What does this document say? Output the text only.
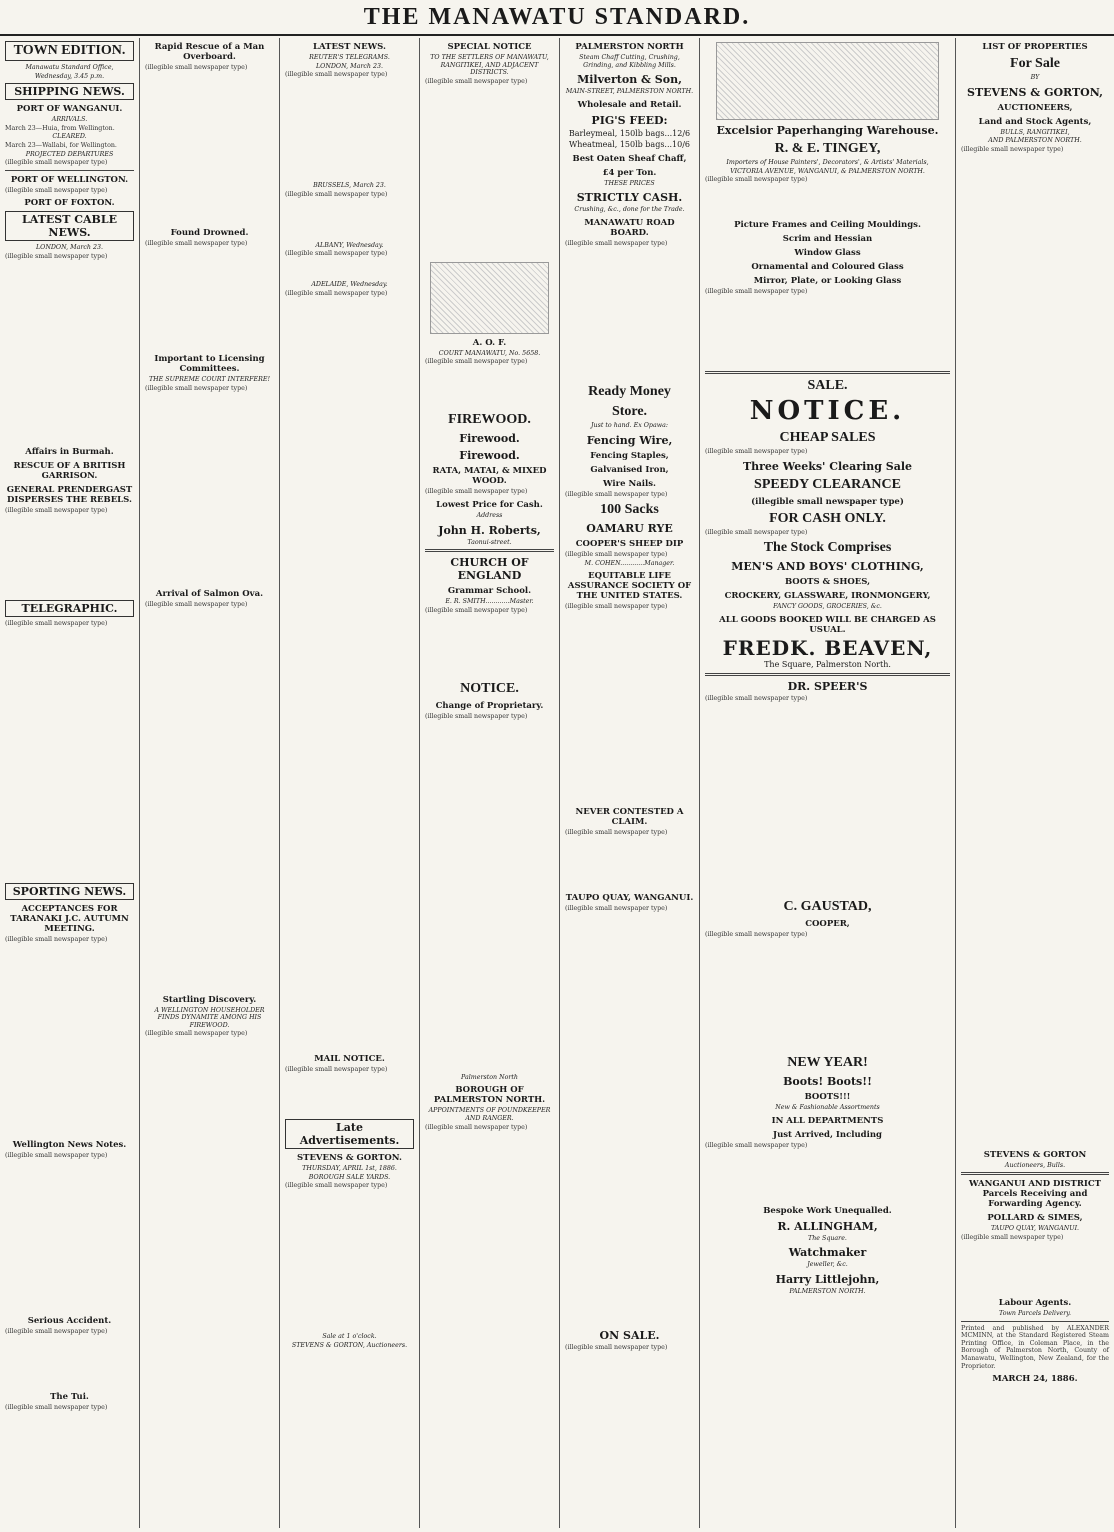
THE MANAWATU STANDARD.
TOWN EDITION.
Manawatu Standard Office,
Wednesday, 3.45 p.m.
SHIPPING NEWS.
PORT OF WANGANUI.
ARRIVALS.
March 23—Huia, from Wellington.
CLEARED.
March 23—Wallabi, for Wellington.
PROJECTED DEPARTURES
(illegible small newspaper type)
PORT OF WELLINGTON.
(illegible small newspaper type)
PORT OF FOXTON.
LATEST CABLE NEWS.
LONDON, March 23.
(illegible small newspaper type)
Affairs in Burmah.
RESCUE OF A BRITISH GARRISON.
GENERAL PRENDERGAST DISPERSES THE REBELS.
(illegible small newspaper type)
TELEGRAPHIC.
(illegible small newspaper type)
SPORTING NEWS.
ACCEPTANCES FOR TARANAKI J.C. AUTUMN MEETING.
(illegible small newspaper type)
Wellington News Notes.
(illegible small newspaper type)
Serious Accident.
(illegible small newspaper type)
The Tui.
(illegible small newspaper type)
Rapid Rescue of a Man Overboard.
(illegible small newspaper type)
Found Drowned.
(illegible small newspaper type)
Important to Licensing Committees.
THE SUPREME COURT INTERFERE!
(illegible small newspaper type)
Arrival of Salmon Ova.
(illegible small newspaper type)
Startling Discovery.
A WELLINGTON HOUSEHOLDER FINDS DYNAMITE AMONG HIS FIREWOOD.
(illegible small newspaper type)
LATEST NEWS.
REUTER'S TELEGRAMS.
LONDON, March 23.
(illegible small newspaper type)
BRUSSELS, March 23.
(illegible small newspaper type)
ALBANY, Wednesday.
(illegible small newspaper type)
ADELAIDE, Wednesday.
(illegible small newspaper type)
MAIL NOTICE.
(illegible small newspaper type)
Late Advertisements.
STEVENS & GORTON.
THURSDAY, APRIL 1st, 1886.
BOROUGH SALE YARDS.
(illegible small newspaper type)
Sale at 1 o'clock.
STEVENS & GORTON, Auctioneers.
SPECIAL NOTICE
TO THE SETTLERS OF MANAWATU, RANGITIKEI, AND ADJACENT DISTRICTS.
(illegible small newspaper type)
A. O. F.
COURT MANAWATU, No. 5658.
(illegible small newspaper type)
FIREWOOD.
Firewood.
Firewood.
RATA, MATAI, & MIXED WOOD.
(illegible small newspaper type)
Lowest Price for Cash.
Address
John H. Roberts,
Taonui-street.
CHURCH OF ENGLAND
Grammar School.
E. R. SMITH............Master.
(illegible small newspaper type)
NOTICE.
Change of Proprietary.
(illegible small newspaper type)
Palmerston North
BOROUGH OF PALMERSTON NORTH.
APPOINTMENTS OF POUNDKEEPER AND RANGER.
(illegible small newspaper type)
PALMERSTON NORTH
Steam Chaff Cutting, Crushing, Grinding, and Kibbling Mills.
Milverton & Son,
MAIN-STREET, PALMERSTON NORTH.
Wholesale and Retail.
PIG'S FEED:
Barleymeal, 150lb bags...12/6
Wheatmeal, 150lb bags...10/6
Best Oaten Sheaf Chaff,
£4 per Ton.
THESE PRICES
STRICTLY CASH.
Crushing, &c., done for the Trade.
MANAWATU ROAD BOARD.
(illegible small newspaper type)
Ready Money
Store.
Just to hand. Ex Opawa:
Fencing Wire,
Fencing Staples,
Galvanised Iron,
Wire Nails.
(illegible small newspaper type)
100 Sacks
OAMARU RYE
COOPER'S SHEEP DIP
(illegible small newspaper type)
M. COHEN............Manager.
EQUITABLE LIFE ASSURANCE SOCIETY OF THE UNITED STATES.
(illegible small newspaper type)
NEVER CONTESTED A CLAIM.
(illegible small newspaper type)
TAUPO QUAY, WANGANUI.
(illegible small newspaper type)
ON SALE.
(illegible small newspaper type)
Excelsior Paperhanging Warehouse.
R. & E. TINGEY,
Importers of House Painters', Decorators', & Artists' Materials,
VICTORIA AVENUE, WANGANUI, & PALMERSTON NORTH.
(illegible small newspaper type)
Picture Frames and Ceiling Mouldings.
Scrim and Hessian
Window Glass
Ornamental and Coloured Glass
Mirror, Plate, or Looking Glass
(illegible small newspaper type)
SALE.
NOTICE.
CHEAP SALES
(illegible small newspaper type)
Three Weeks' Clearing Sale
SPEEDY CLEARANCE
(illegible small newspaper type)
FOR CASH ONLY.
(illegible small newspaper type)
The Stock Comprises
MEN'S AND BOYS' CLOTHING,
BOOTS & SHOES,
CROCKERY, GLASSWARE, IRONMONGERY,
FANCY GOODS, GROCERIES, &c.
ALL GOODS BOOKED WILL BE CHARGED AS USUAL.
FREDK. BEAVEN,
The Square, Palmerston North.
DR. SPEER'S
(illegible small newspaper type)
C. GAUSTAD,
COOPER,
(illegible small newspaper type)
NEW YEAR!
Boots! Boots!!
BOOTS!!!
New & Fashionable Assortments
IN ALL DEPARTMENTS
Just Arrived, Including
(illegible small newspaper type)
Bespoke Work Unequalled.
R. ALLINGHAM,
The Square.
Watchmaker
Jeweller, &c.
Harry Littlejohn,
PALMERSTON NORTH.
LIST OF PROPERTIES
For Sale
BY
STEVENS & GORTON,
AUCTIONEERS,
Land and Stock Agents,
BULLS, RANGITIKEI,
AND PALMERSTON NORTH.
(illegible small newspaper type)
STEVENS & GORTON
Auctioneers, Bulls.
WANGANUI AND DISTRICT Parcels Receiving and Forwarding Agency.
POLLARD & SIMES,
TAUPO QUAY, WANGANUI.
(illegible small newspaper type)
Labour Agents.
Town Parcels Delivery.
Printed and published by ALEXANDER MCMINN, at the Standard Registered Steam Printing Office, in Coleman Place, in the Borough of Palmerston North, County of Manawatu, Wellington, New Zealand, for the Proprietor.
MARCH 24, 1886.
